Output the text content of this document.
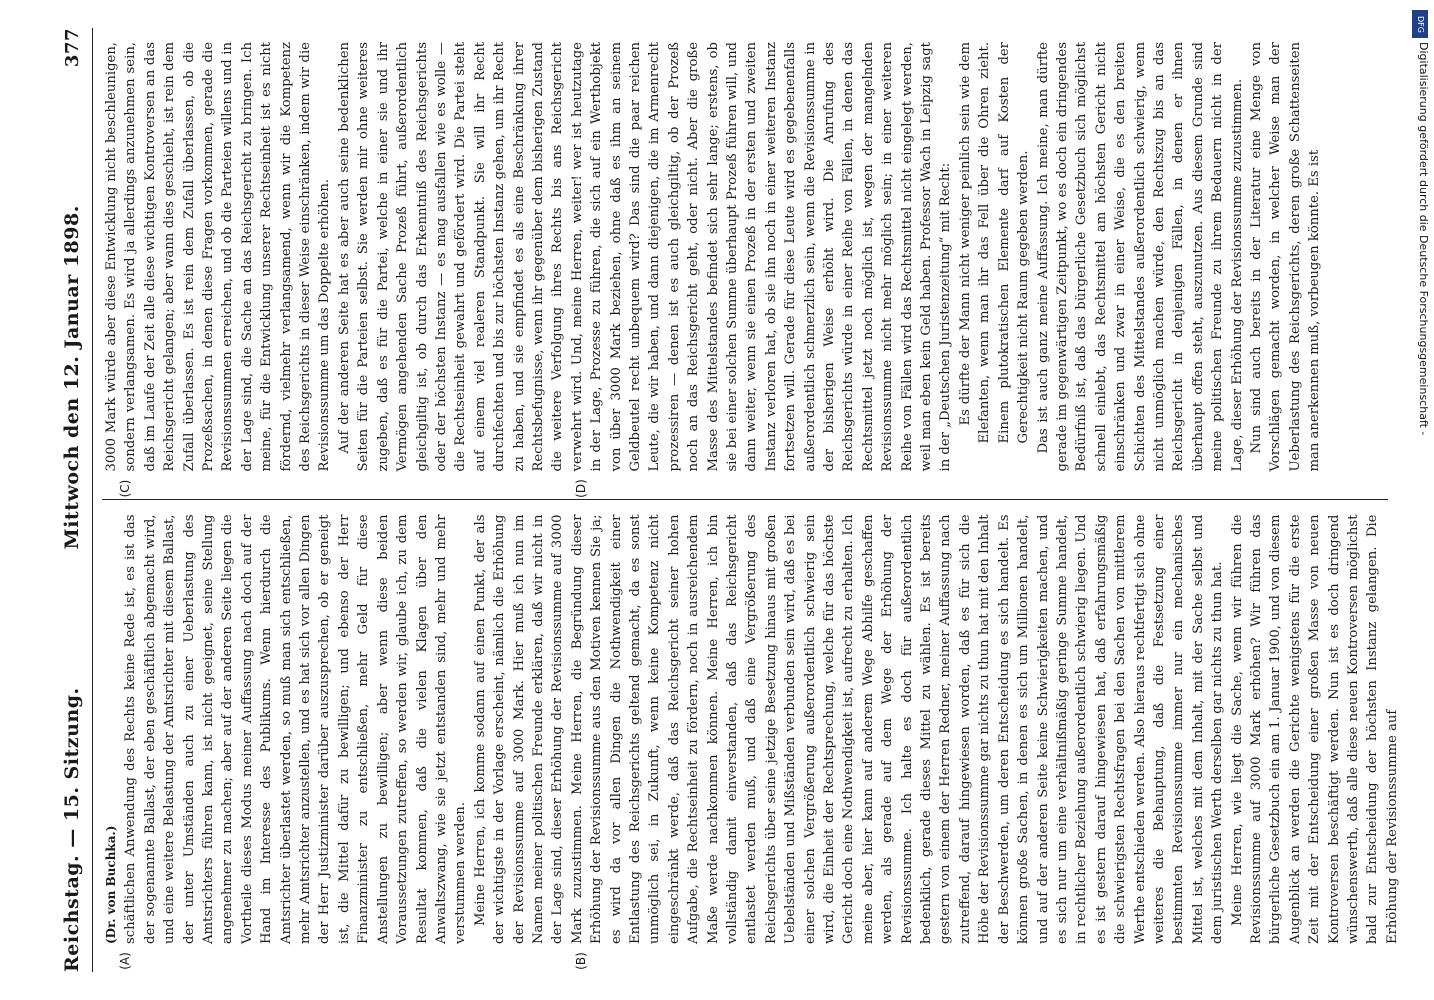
Reichstag. — 15. Sitzung.
Mittwoch den 12. Januar 1898.
377
(A)	(B)

(Dr. von Buchka.) schäftlichen Anwendung des Rechts keine Rede ist, es ist das der sogenannte Ballast, der eben geschäftlich abgemacht wird, und eine weitere Belastung der Amtsrichter mit diesem Ballast, der unter Umständen auch zu einer Ueberlastung des Amtsrichters führen kann, ist nicht geeignet, seine Stellung angenehmer zu machen; aber auf der anderen Seite liegen die Vortheile dieses Modus meiner Auffassung nach doch auf der Hand im Interesse des Publikums. Wenn hierdurch die Amtsrichter überlastet werden, so muß man sich entschließen, mehr Amtsrichter anzustellen, und es hat sich vor allen Dingen der Herr Justizminister darüber auszusprechen, ob er geneigt ist, die Mittel dafür zu bewilligen; und ebenso der Herr Finanzminister zu entschließen, mehr Geld für diese Anstellungen zu bewilligen; aber wenn diese beiden Voraussetzungen zutreffen, so werden wir, glaube ich, zu dem Resultat kommen, daß die vielen Klagen über den Anwaltszwang, wie sie jetzt entstanden sind, mehr und mehr verstummen werden. Meine Herren, ich komme sodann auf einen Punkt, der als der wichtigste in der Vorlage erscheint, nämlich die Erhöhung der Revisionssumme auf 3000 Mark. Hier muß ich nun im Namen meiner politischen Freunde erklären, daß wir nicht in der Lage sind, dieser Erhöhung der Revisionssumme auf 3000 Mark zuzustimmen. Meine Herren, die Begründung dieser Erhöhung der Revisionssumme aus den Motiven kennen Sie ja; es wird da vor allen Dingen die Nothwendigkeit einer Entlastung des Reichsgerichts geltend gemacht, da es sonst unmöglich sei, in Zukunft, wenn keine Kompetenz nicht eingeschränkt werde, daß das Reichsgericht seiner hohen Aufgabe, die Rechtseinheit zu fördern, noch in ausreichendem Maße werde nachkommen können. Meine Herren, ich bin vollständig damit einverstanden, daß das Reichsgericht entlastet werden muß, und daß eine Vergrößerung des Reichsgerichts über seine jetzige Besetzung hinaus mit großen Uebelständen und Mißständen verbunden sein wird, daß es bei einer solchen Vergrößerung außerordentlich schwierig sein wird, die Einheit der Rechtsprechung, welche für das höchste Gericht doch eine Nothwendigkeit ist, aufrecht zu erhalten. Ich meine aber, hier kann auf anderem Wege Abhilfe geschaffen werden, als gerade auf dem Wege der Erhöhung der Revisionssumme. Ich halte es doch für außerordentlich bedenklich, gerade dieses Mittel zu wählen. Es ist bereits gestern von einem der Herren Redner, meiner Auffassung nach zutreffend, darauf hingewiesen worden, daß es für sich die Höhe der Revisionssumme gar nichts zu thun hat mit den Inhalt der Beschwerden, um deren Entscheidung es sich handelt. Es können große Sachen, in denen es sich um Millionen handelt, und auf der anderen Seite keine Schwierigkeiten machen, und es sich nur um eine verhältnißmäßig geringe Summe handelt, in rechtlicher Beziehung außerordentlich schwierig liegen. Und es ist gestern darauf hingewiesen hat, daß erfahrungsmäßig die schwierigsten Rechtsfragen bei den Sachen von mittlerem Werthe entschieden werden. Also hieraus rechtfertigt sich ohne weiteres die Behauptung, daß die Festsetzung einer bestimmten Revisionssumme immer nur ein mechanisches Mittel ist, welches mit dem Inhalt, mit der Sache selbst und dem juristischen Werth derselben gar nichts zu thun hat. Meine Herren, wie liegt die Sache, wenn wir führen die Revisionssumme auf 3000 Mark erhöhen? Wir führen das bürgerliche Gesetzbuch ein am 1. Januar 1900, und von diesem Augenblick an werden die Gerichte wenigstens für die erste Zeit mit der Entscheidung einer großen Masse von neuen Kontroversen beschäftigt werden. Nun ist es doch dringend wünschenswerth, daß alle diese neuen Kontroversen möglichst bald zur Entscheidung der höchsten Instanz gelangen. Die Erhöhung der Revisionssumme auf

(C)	(D)

3000 Mark würde aber diese Entwicklung nicht beschleunigen, sondern verlangsamen. Es wird ja allerdings anzunehmen sein, daß im Laufe der Zeit alle diese wichtigen Kontroversen an das Reichsgericht gelangen; aber wann dies geschieht, ist rein dem Zufall überlassen. Es ist rein dem Zufall überlassen, ob die Prozeßsachen, in denen diese Fragen vorkommen, gerade die Revisionssummen erreichen, und ob die Parteien willens und in der Lage sind, die Sache an das Reichsgericht zu bringen. Ich meine, für die Entwicklung unserer Rechtseinheit ist es nicht fördernd, vielmehr verlangsamend, wenn wir die Kompetenz des Reichsgerichts in dieser Weise einschränken, indem wir die Revisionssumme um das Doppelte erhöhen. Auf der anderen Seite hat es aber auch seine bedenklichen Seiten für die Parteien selbst. Sie werden mir ohne weiteres zugeben, daß es für die Partei, welche in einer sie und ihr Vermögen angehenden Sache Prozeß führt, außerordentlich gleichgiltig ist, ob durch das Erkenntniß des Reichsgerichts oder der höchsten Instanz — es mag ausfallen wie es wolle — die Rechtseinheit gewahrt und gefördert wird. Die Partei steht auf einem viel realeren Standpunkt. Sie will ihr Recht durchfechten und bis zur höchsten Instanz gehen, um ihr Recht zu haben, und sie empfindet es als eine Beschränkung ihrer Rechtsbefugnisse, wenn ihr gegenüber dem bisherigen Zustand die weitere Verfolgung ihres Rechts bis ans Reichsgericht verwehrt wird. Und, meine Herren, weiter! wer ist heutzutage in der Lage, Prozesse zu führen, die sich auf ein Werthobjekt von über 3000 Mark beziehen, ohne daß es ihm an seinem Geldbeutel recht unbequem wird? Das sind die paar reichen Leute, die wir haben, und dann diejenigen, die im Armenrecht prozessiren — denen ist es auch gleichgiltig, ob der Prozeß noch an das Reichsgericht geht, oder nicht. Aber die große Masse des Mittelstandes befindet sich sehr lange; erstens, ob sie bei einer solchen Summe überhaupt Prozeß führen will, und dann weiter, wenn sie einen Prozeß in der ersten und zweiten Instanz verloren hat, ob sie ihn noch in einer weiteren Instanz fortsetzen will. Gerade für diese Leute wird es gegebenenfalls außerordentlich schmerzlich sein, wenn die Revisionssumme in der bisherigen Weise erhöht wird. Die Anrufung des Reichsgerichts würde in einer Reihe von Fällen, in denen das Rechtsmittel jetzt noch möglich ist, wegen der mangelnden Revisionssumme nicht mehr möglich sein; in einer weiteren Reihe von Fällen wird das Rechtsmittel nicht eingelegt werden, weil man eben kein Geld haben. Professor Wach in Leipzig sagt in der „Deutschen Juristenzeitung“ mit Recht: Es dürfte der Mann nicht weniger peinlich sein wie dem Elefanten, wenn man ihr das Fell über die Ohren zieht. Einem plutokratischen Elemente darf auf Kosten der Gerechtigkeit nicht Raum gegeben werden. Das ist auch ganz meine Auffassung. Ich meine, man dürfte gerade im gegenwärtigen Zeitpunkt, wo es doch ein dringendes Bedürfniß ist, daß das bürgerliche Gesetzbuch sich möglichst schnell einlebt, das Rechtsmittel am höchsten Gericht nicht einschränken und zwar in einer Weise, die es den breiten Schichten des Mittelstandes außerordentlich schwierig, wenn nicht unmöglich machen würde, den Rechtszug bis an das Reichsgericht in denjenigen Fällen, in denen er ihnen überhaupt offen steht, auszunutzen. Aus diesem Grunde sind meine politischen Freunde zu ihrem Bedauern nicht in der Lage, dieser Erhöhung der Revisionssumme zuzustimmen. Nun sind auch bereits in der Literatur eine Menge von Vorschlägen gemacht worden, in welcher Weise man der Ueberlastung des Reichsgerichts, deren große Schattenseiten man anerkennen muß, vorbeugen könnte. Es ist

DFG
Digitalisierung gefördert durch die Deutsche Forschungsgemeinschaft -
